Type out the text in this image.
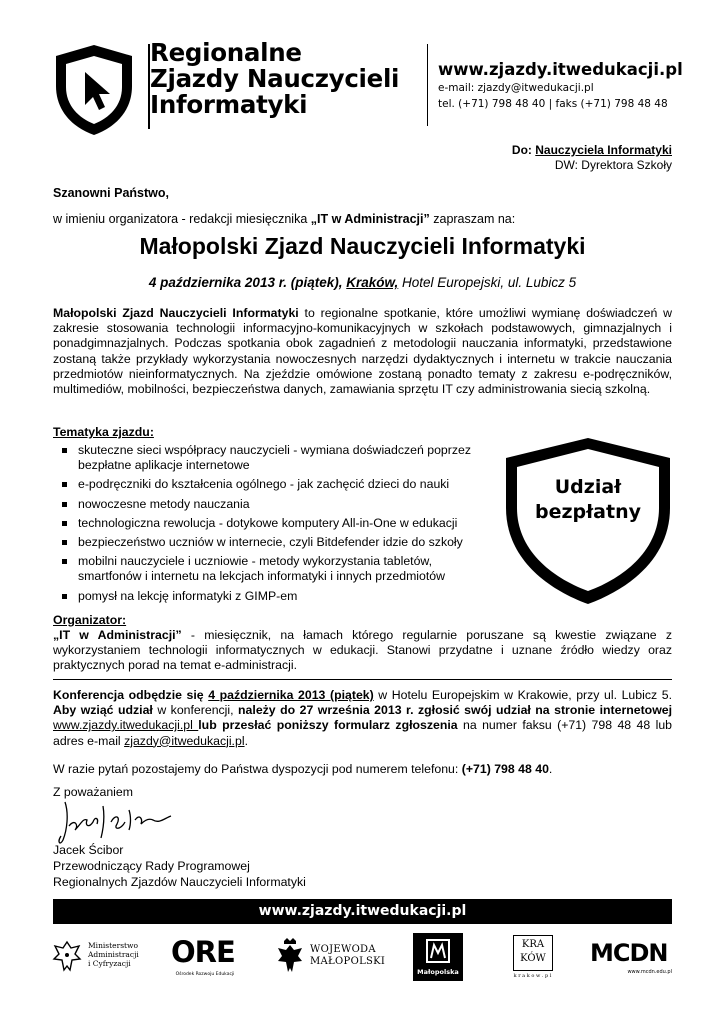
Regionalne
Zjazdy Nauczycieli
Informatyki
www.zjazdy.itwedukacji.pl
e-mail: zjazdy@itwedukacji.pl
tel. (+71) 798 48 40 | faks (+71) 798 48 48
Do: Nauczyciela Informatyki
DW: Dyrektora Szkoły
Szanowni Państwo,
w imieniu organizatora - redakcji miesięcznika „IT w Administracji” zapraszam na:
Małopolski Zjazd Nauczycieli Informatyki
4 października 2013 r. (piątek), Kraków, Hotel Europejski, ul. Lubicz 5
Małopolski Zjazd Nauczycieli Informatyki to regionalne spotkanie, które umożliwi wymianę doświadczeń w zakresie stosowania technologii informacyjno-komunikacyjnych w szkołach podstawowych, gimnazjalnych i ponadgimnazjalnych. Podczas spotkania obok zagadnień z metodologii nauczania informatyki, przedstawione zostaną także przykłady wykorzystania nowoczesnych narzędzi dydaktycznych i internetu w trakcie nauczania przedmiotów nieinformatycznych. Na zjeździe omówione zostaną ponadto tematy z zakresu e-podręczników, multimediów, mobilności, bezpieczeństwa danych, zamawiania sprzętu IT czy administrowania siecią szkolną.
Tematyka zjazdu:
skuteczne sieci współpracy nauczycieli - wymiana doświadczeń poprzez bezpłatne aplikacje internetowe
e-podręczniki do kształcenia ogólnego - jak zachęcić dzieci do nauki
nowoczesne metody nauczania
technologiczna rewolucja - dotykowe komputery All-in-One w edukacji
bezpieczeństwo uczniów w internecie, czyli Bitdefender idzie do szkoły
mobilni nauczyciele i uczniowie - metody wykorzystania tabletów, smartfonów i internetu na lekcjach informatyki i innych przedmiotów
pomysł na lekcję informatyki z GIMP-em
Udział
bezpłatny
Organizator:
„IT w Administracji” - miesięcznik, na łamach którego regularnie poruszane są kwestie związane z wykorzystaniem technologii informatycznych w edukacji. Stanowi przydatne i uznane źródło wiedzy oraz praktycznych porad na temat e-administracji.
Konferencja odbędzie się 4 października 2013 (piątek) w Hotelu Europejskim w Krakowie, przy ul. Lubicz 5. Aby wziąć udział w konferencji, należy do 27 września 2013 r. zgłosić swój udział na stronie internetowej www.zjazdy.itwedukacji.pl lub przesłać poniższy formularz zgłoszenia na numer faksu (+71) 798 48 48 lub adres e-mail zjazdy@itwedukacji.pl.
W razie pytań pozostajemy do Państwa dyspozycji pod numerem telefonu: (+71) 798 48 40.
Z poważaniem
Jacek Ścibor
Przewodniczący Rady Programowej
Regionalnych Zjazdów Nauczycieli Informatyki
www.zjazdy.itwedukacji.pl
Ministerstwo
Administracji
i Cyfryzacji ORE
Ośrodek Rozwoju Edukacji
WOJEWODA
MAŁOPOLSKI
Małopolska
KRA
KÓW
k r a k o w . p l
MCDN
www.mcdn.edu.pl
